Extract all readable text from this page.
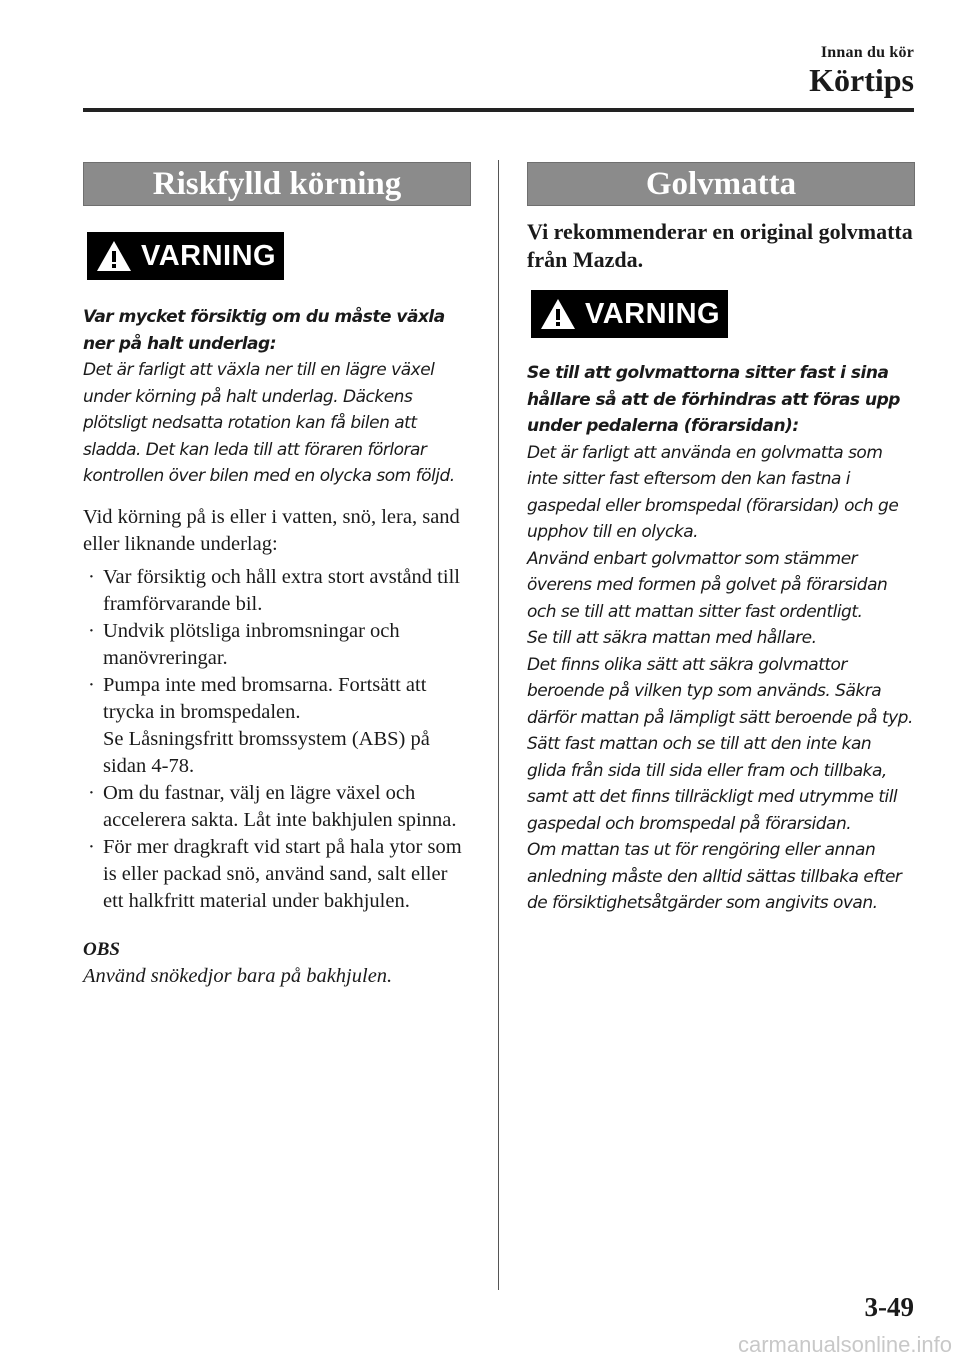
Innan du kör
Körtips
Riskfylld körning
VARNING
Var mycket försiktig om du måste växla ner på halt underlag:
Det är farligt att växla ner till en lägre växel under körning på halt underlag. Däckens plötsligt nedsatta rotation kan få bilen att sladda. Det kan leda till att föraren förlorar kontrollen över bilen med en olycka som följd.
Vid körning på is eller i vatten, snö, lera, sand eller liknande underlag:
· Var försiktig och håll extra stort avstånd till framförvarande bil.
· Undvik plötsliga inbromsningar och manövreringar.
· Pumpa inte med bromsarna. Fortsätt att trycka in bromspedalen.
Se Låsningsfritt bromssystem (ABS) på sidan 4-78.
· Om du fastnar, välj en lägre växel och accelerera sakta. Låt inte bakhjulen spinna.
· För mer dragkraft vid start på hala ytor som is eller packad snö, använd sand, salt eller ett halkfritt material under bakhjulen.
OBS
Använd snökedjor bara på bakhjulen.
Golvmatta
Vi rekommenderar en original golvmatta från Mazda.
VARNING
Se till att golvmattorna sitter fast i sina hållare så att de förhindras att föras upp under pedalerna (förarsidan):
Det är farligt att använda en golvmatta som inte sitter fast eftersom den kan fastna i gaspedal eller bromspedal (förarsidan) och ge upphov till en olycka.
Använd enbart golvmattor som stämmer överens med formen på golvet på förarsidan och se till att mattan sitter fast ordentligt.
Se till att säkra mattan med hållare.
Det finns olika sätt att säkra golvmattor beroende på vilken typ som används. Säkra därför mattan på lämpligt sätt beroende på typ.
Sätt fast mattan och se till att den inte kan glida från sida till sida eller fram och tillbaka, samt att det finns tillräckligt med utrymme till gaspedal och bromspedal på förarsidan.
Om mattan tas ut för rengöring eller annan anledning måste den alltid sättas tillbaka efter de försiktighetsåtgärder som angivits ovan.
3-49
carmanualsonline.info
